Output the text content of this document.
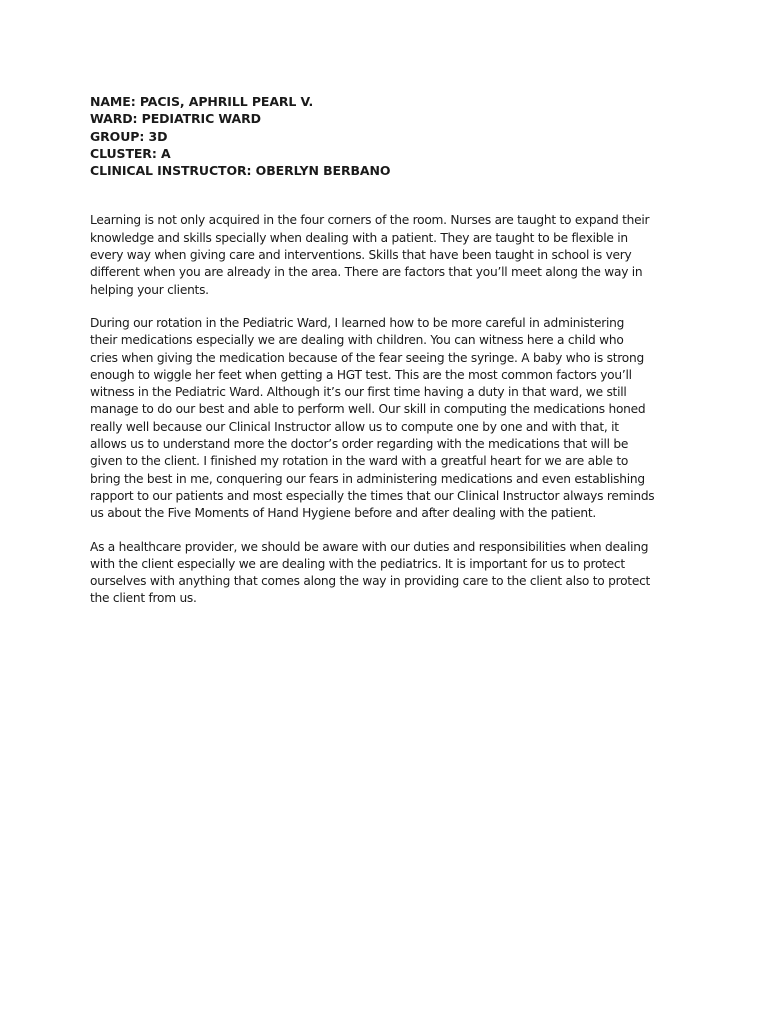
NAME: PACIS, APHRILL PEARL V.
WARD: PEDIATRIC WARD
GROUP: 3D
CLUSTER: A
CLINICAL INSTRUCTOR: OBERLYN BERBANO
Learning is not only acquired in the four corners of the room. Nurses are taught to expand their
knowledge and skills specially when dealing with a patient. They are taught to be flexible in
every way when giving care and interventions. Skills that have been taught in school is very
different when you are already in the area. There are factors that you’ll meet along the way in
helping your clients.
During our rotation in the Pediatric Ward, I learned how to be more careful in administering
their medications especially we are dealing with children. You can witness here a child who
cries when giving the medication because of the fear seeing the syringe. A baby who is strong
enough to wiggle her feet when getting a HGT test. This are the most common factors you’ll
witness in the Pediatric Ward. Although it’s our first time having a duty in that ward, we still
manage to do our best and able to perform well. Our skill in computing the medications honed
really well because our Clinical Instructor allow us to compute one by one and with that, it
allows us to understand more the doctor’s order regarding with the medications that will be
given to the client. I finished my rotation in the ward with a greatful heart for we are able to
bring the best in me, conquering our fears in administering medications and even establishing
rapport to our patients and most especially the times that our Clinical Instructor always reminds
us about the Five Moments of Hand Hygiene before and after dealing with the patient.
As a healthcare provider, we should be aware with our duties and responsibilities when dealing
with the client especially we are dealing with the pediatrics. It is important for us to protect
ourselves with anything that comes along the way in providing care to the client also to protect
the client from us.
